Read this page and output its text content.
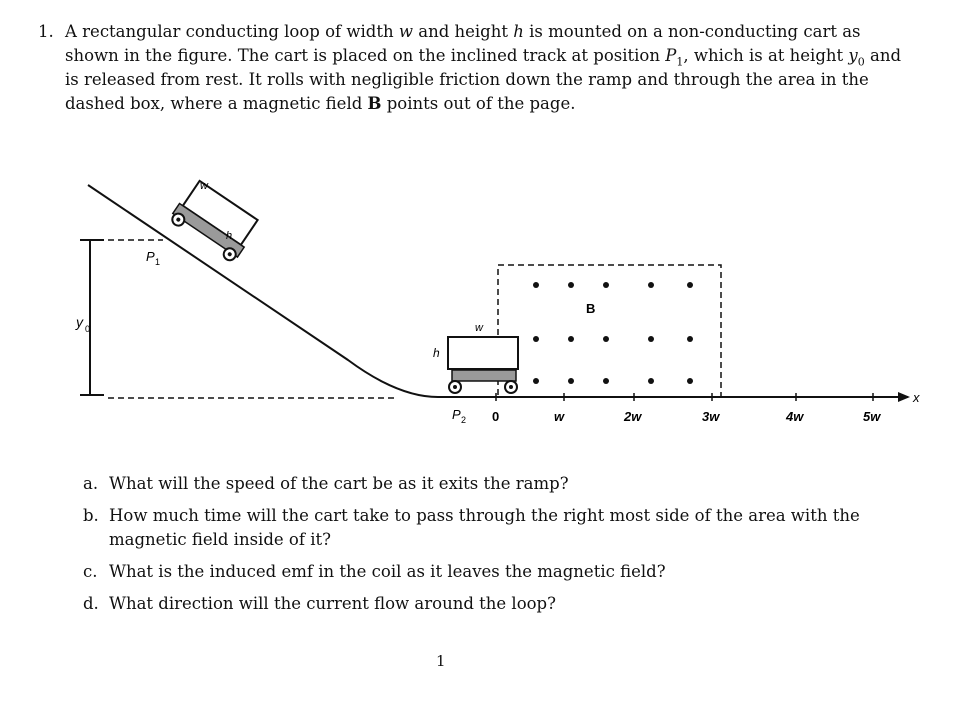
1. A rectangular conducting loop of width w and height h is mounted on a non-conducting cart as shown in the figure. The cart is placed on the inclined track at position $P_1$, which is at height $y_0$ and is released from rest. It rolls with negligible friction down the ramp and through the area in the dashed box, where a magnetic field B points out of the page.
y 0
x
w
h
P 1
B
w
h
0	w	2w	3w	4w	5w
P 2
a. What will the speed of the cart be as it exits the ramp?
b. How much time will the cart take to pass through the right most side of the area with the magnetic field inside of it?
c. What is the induced emf in the coil as it leaves the magnetic field?
d. What direction will the current flow around the loop?
1
